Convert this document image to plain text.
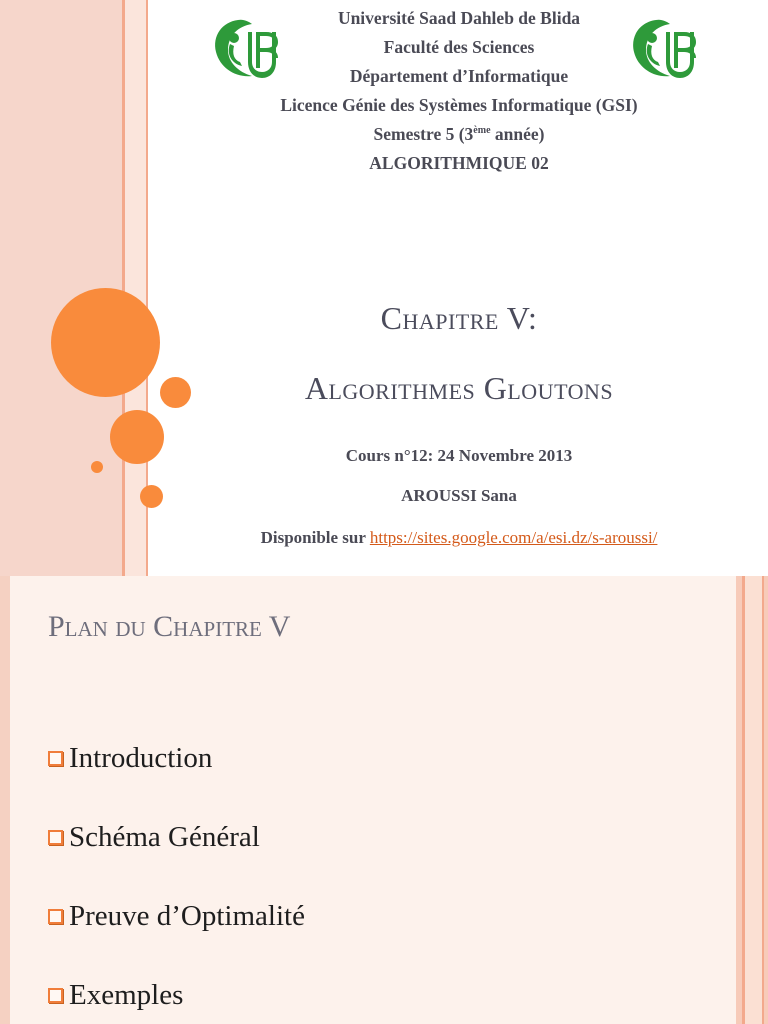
Université Saad Dahleb de Blida
Faculté des Sciences
Département d’Informatique
Licence Génie des Systèmes Informatique (GSI)
Semestre 5 (3ème année)
ALGORITHMIQUE 02
Chapitre V:
Algorithmes Gloutons
Cours n°12: 24 Novembre 2013
AROUSSI Sana
Disponible sur https://sites.google.com/a/esi.dz/s-aroussi/
Plan du Chapitre V
Introduction
Schéma Général
Preuve d’Optimalité
Exemples
